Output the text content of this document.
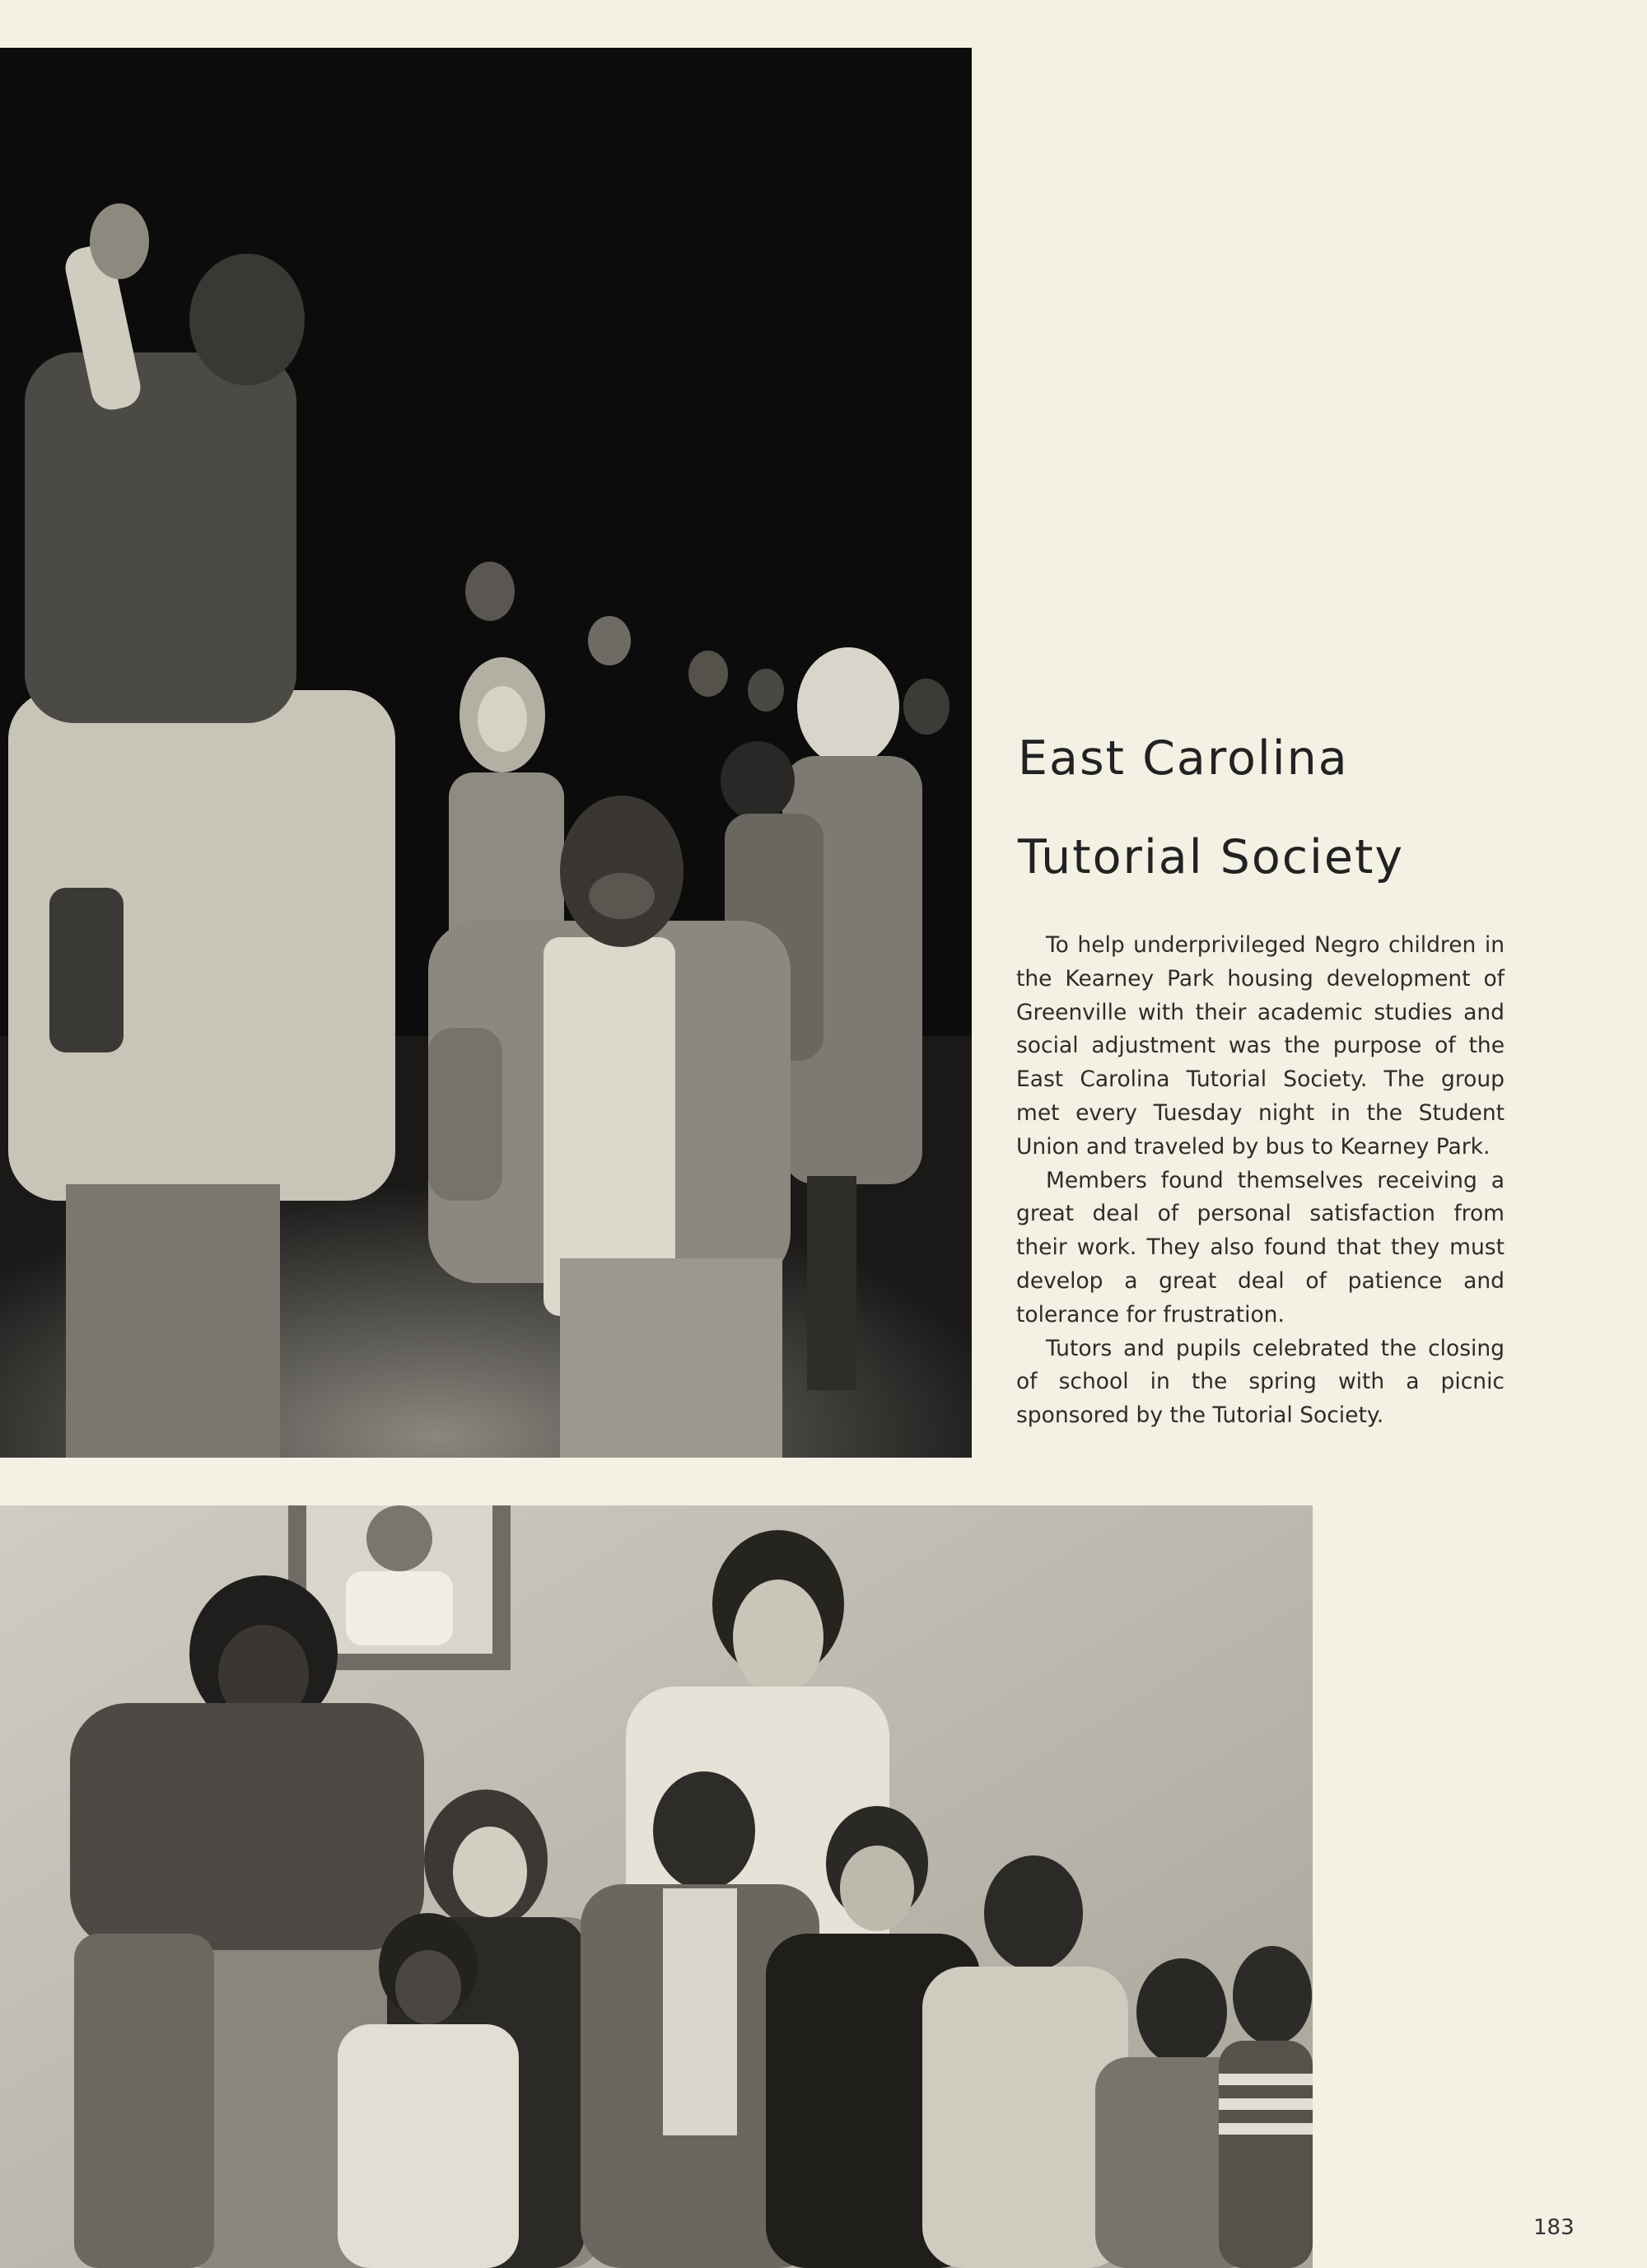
East Carolina
Tutorial Society

To help underprivileged Negro children in the Kearney Park housing development of Greenville with their academic studies and social adjustment was the purpose of the East Carolina Tutorial Society. The group met every Tuesday night in the Student Union and traveled by bus to Kearney Park.

Members found themselves receiving a great deal of personal satisfaction from their work. They also found that they must develop a great deal of patience and tolerance for frustration.

Tutors and pupils celebrated the closing of school in the spring with a picnic sponsored by the Tutorial Society.

183
